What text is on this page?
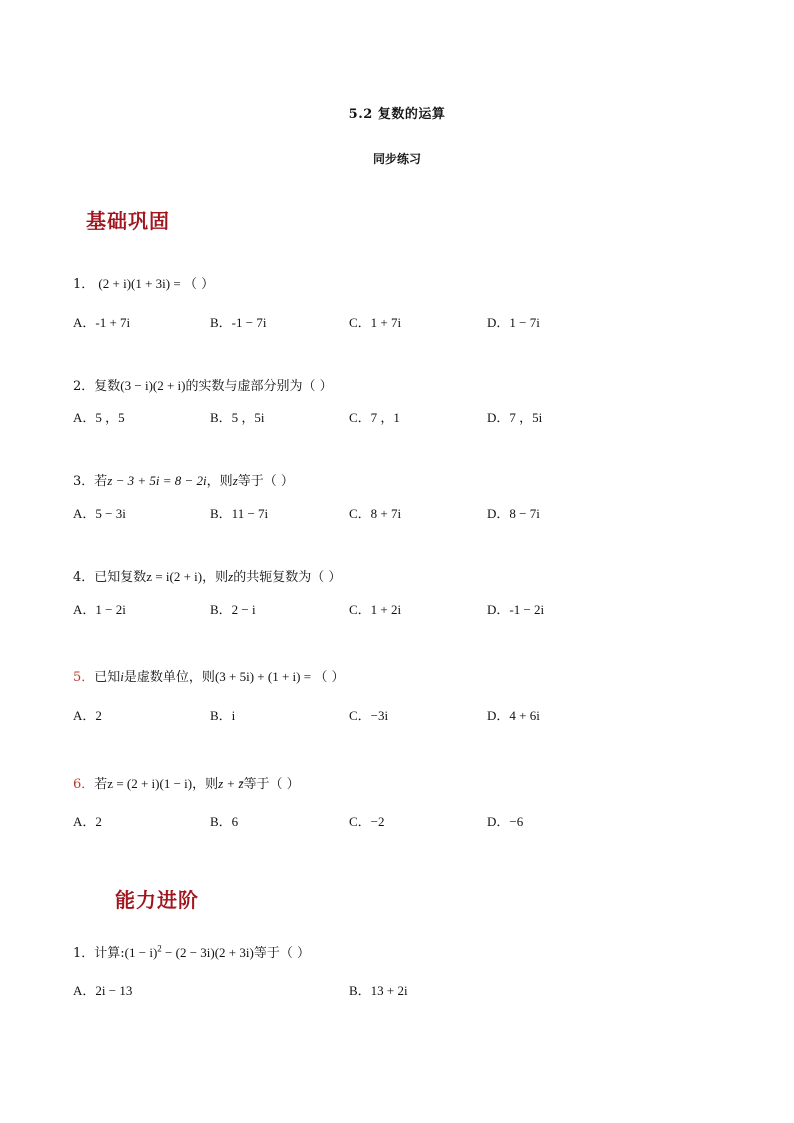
5.2 复数的运算
同步练习
基础巩固
1． (2 + i)(1 + 3i) = （ ）
A．-1 + 7i	B．-1 − 7i	C．1 + 7i	D．1 − 7i
2．复数(3 − i)(2 + i)的实数与虚部分别为（ ）
A．5 ，5	B．5 ，5i	C．7 ，1	D．7 ，5i
3．若z − 3 + 5i = 8 − 2i，则z等于（ ）
A．5 − 3i	B．11 − 7i	C．8 + 7i	D．8 − 7i
4．已知复数z = i(2 + i)，则z的共轭复数为（ ）
A．1 − 2i	B．2 − i	C．1 + 2i	D．-1 − 2i
5．已知i是虚数单位，则(3 + 5i) + (1 + i) = （ ）
A．2	B．i	C．−3i	D．4 + 6i
6．若z = (2 + i)(1 − i)，则z + z̄等于（ ）
A．2	B．6	C．−2	D．−6
能力进阶
1．计算:(1 − i)$^2$ − (2 − 3i)(2 + 3i)等于（ ）
A．2i − 13	B．13 + 2i
